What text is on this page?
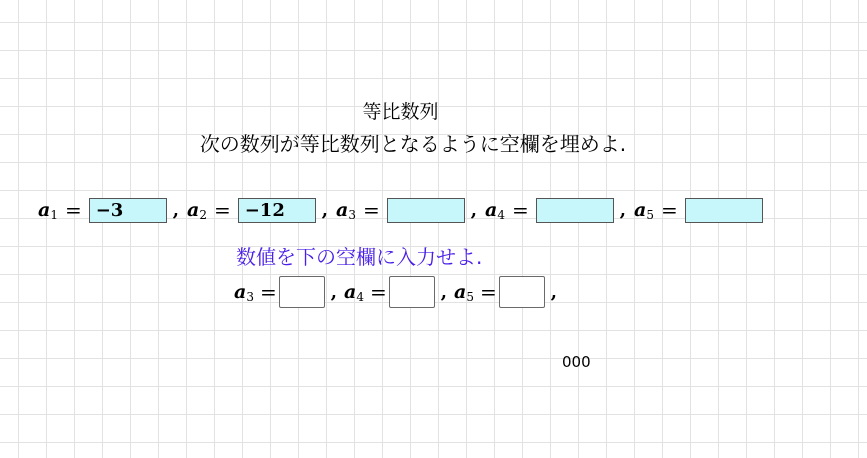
等比数列
次の数列が等比数列となるように空欄を埋めよ.
$a_1 = -3$	, $a_2 = -12$	, $a_3$ =	, $a_4$ =	, $a_5$ =
数値を下の空欄に入力せよ.
$a_3$ =	, $a_4$ =	, $a_5$ =	,
000
